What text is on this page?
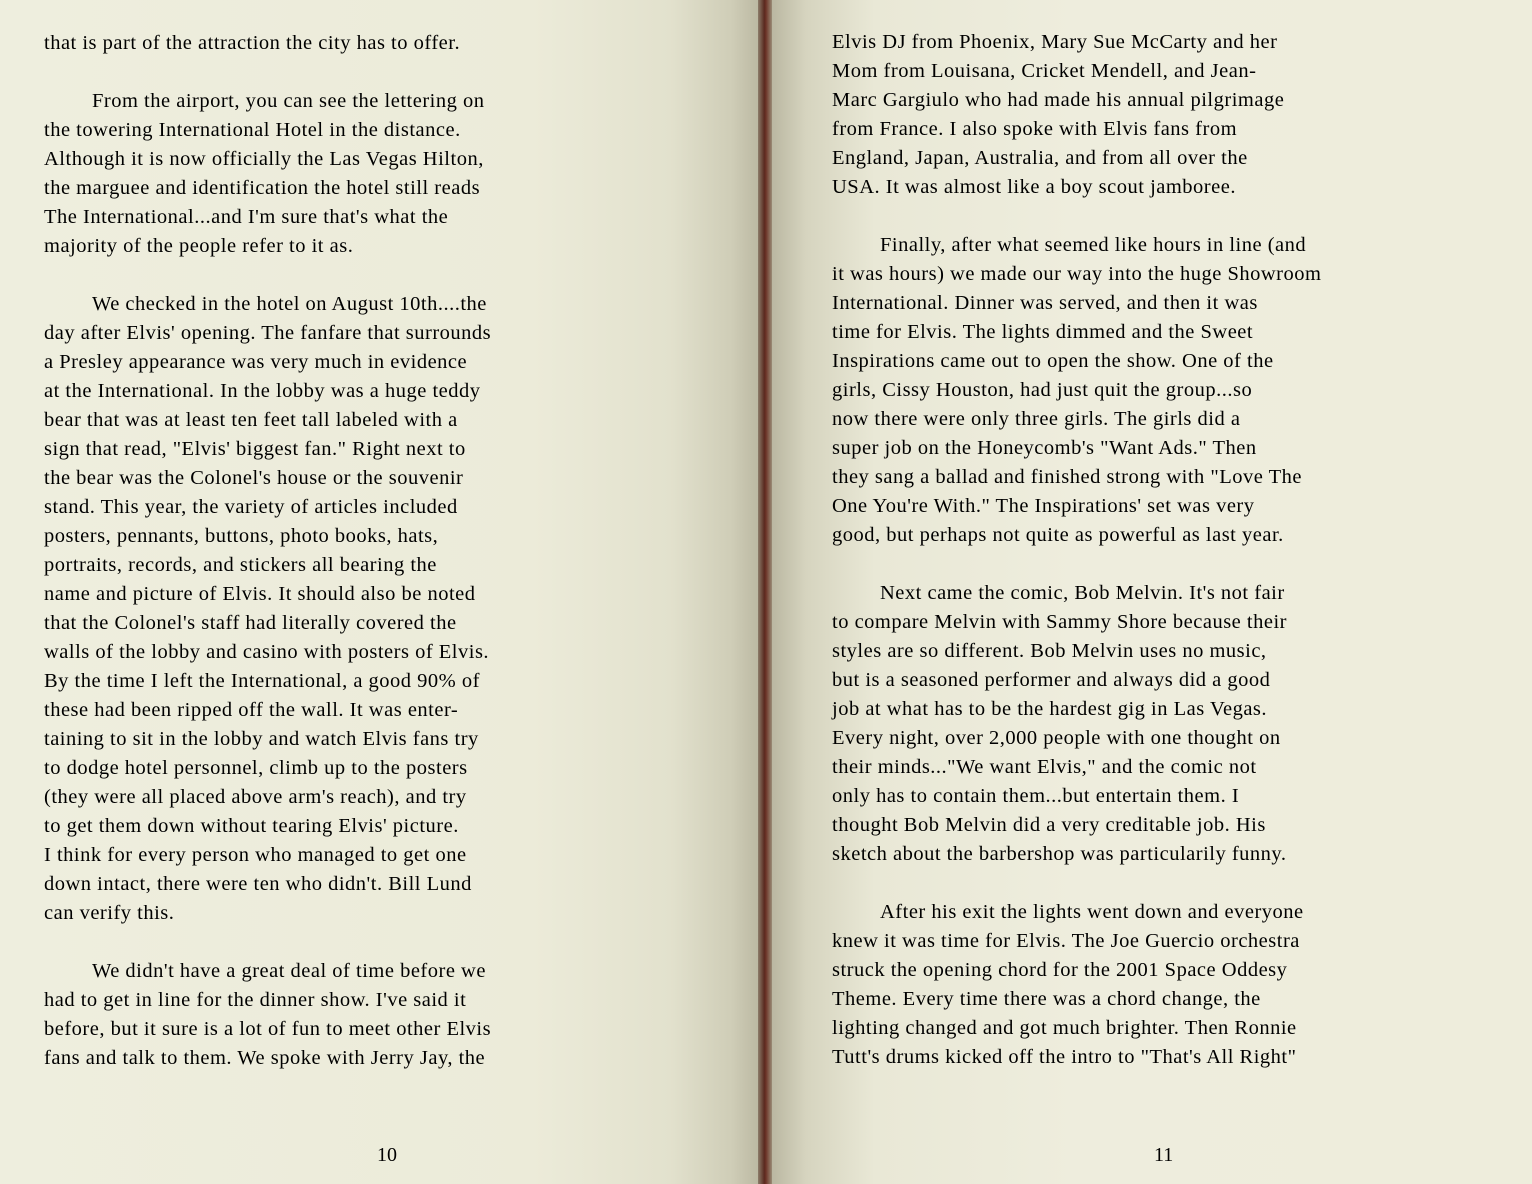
that is part of the attraction the city has to offer.
From the airport, you can see the lettering on
the towering International Hotel in the distance.
Although it is now officially the Las Vegas Hilton,
the marguee and identification the hotel still reads
The International...and I'm sure that's what the
majority of the people refer to it as.
We checked in the hotel on August 10th....the
day after Elvis' opening. The fanfare that surrounds
a Presley appearance was very much in evidence
at the International. In the lobby was a huge teddy
bear that was at least ten feet tall labeled with a
sign that read, "Elvis' biggest fan." Right next to
the bear was the Colonel's house or the souvenir
stand. This year, the variety of articles included
posters, pennants, buttons, photo books, hats,
portraits, records, and stickers all bearing the
name and picture of Elvis. It should also be noted
that the Colonel's staff had literally covered the
walls of the lobby and casino with posters of Elvis.
By the time I left the International, a good 90% of
these had been ripped off the wall. It was enter-
taining to sit in the lobby and watch Elvis fans try
to dodge hotel personnel, climb up to the posters
(they were all placed above arm's reach), and try
to get them down without tearing Elvis' picture.
I think for every person who managed to get one
down intact, there were ten who didn't. Bill Lund
can verify this.
We didn't have a great deal of time before we
had to get in line for the dinner show. I've said it
before, but it sure is a lot of fun to meet other Elvis
fans and talk to them. We spoke with Jerry Jay, the
Elvis DJ from Phoenix, Mary Sue McCarty and her
Mom from Louisana, Cricket Mendell, and Jean-
Marc Gargiulo who had made his annual pilgrimage
from France. I also spoke with Elvis fans from
England, Japan, Australia, and from all over the
USA. It was almost like a boy scout jamboree.
Finally, after what seemed like hours in line (and
it was hours) we made our way into the huge Showroom
International. Dinner was served, and then it was
time for Elvis. The lights dimmed and the Sweet
Inspirations came out to open the show. One of the
girls, Cissy Houston, had just quit the group...so
now there were only three girls. The girls did a
super job on the Honeycomb's "Want Ads." Then
they sang a ballad and finished strong with "Love The
One You're With." The Inspirations' set was very
good, but perhaps not quite as powerful as last year.
Next came the comic, Bob Melvin. It's not fair
to compare Melvin with Sammy Shore because their
styles are so different. Bob Melvin uses no music,
but is a seasoned performer and always did a good
job at what has to be the hardest gig in Las Vegas.
Every night, over 2,000 people with one thought on
their minds..."We want Elvis," and the comic not
only has to contain them...but entertain them. I
thought Bob Melvin did a very creditable job. His
sketch about the barbershop was particularily funny.
After his exit the lights went down and everyone
knew it was time for Elvis. The Joe Guercio orchestra
struck the opening chord for the 2001 Space Oddesy
Theme. Every time there was a chord change, the
lighting changed and got much brighter. Then Ronnie
Tutt's drums kicked off the intro to "That's All Right"
10	11
